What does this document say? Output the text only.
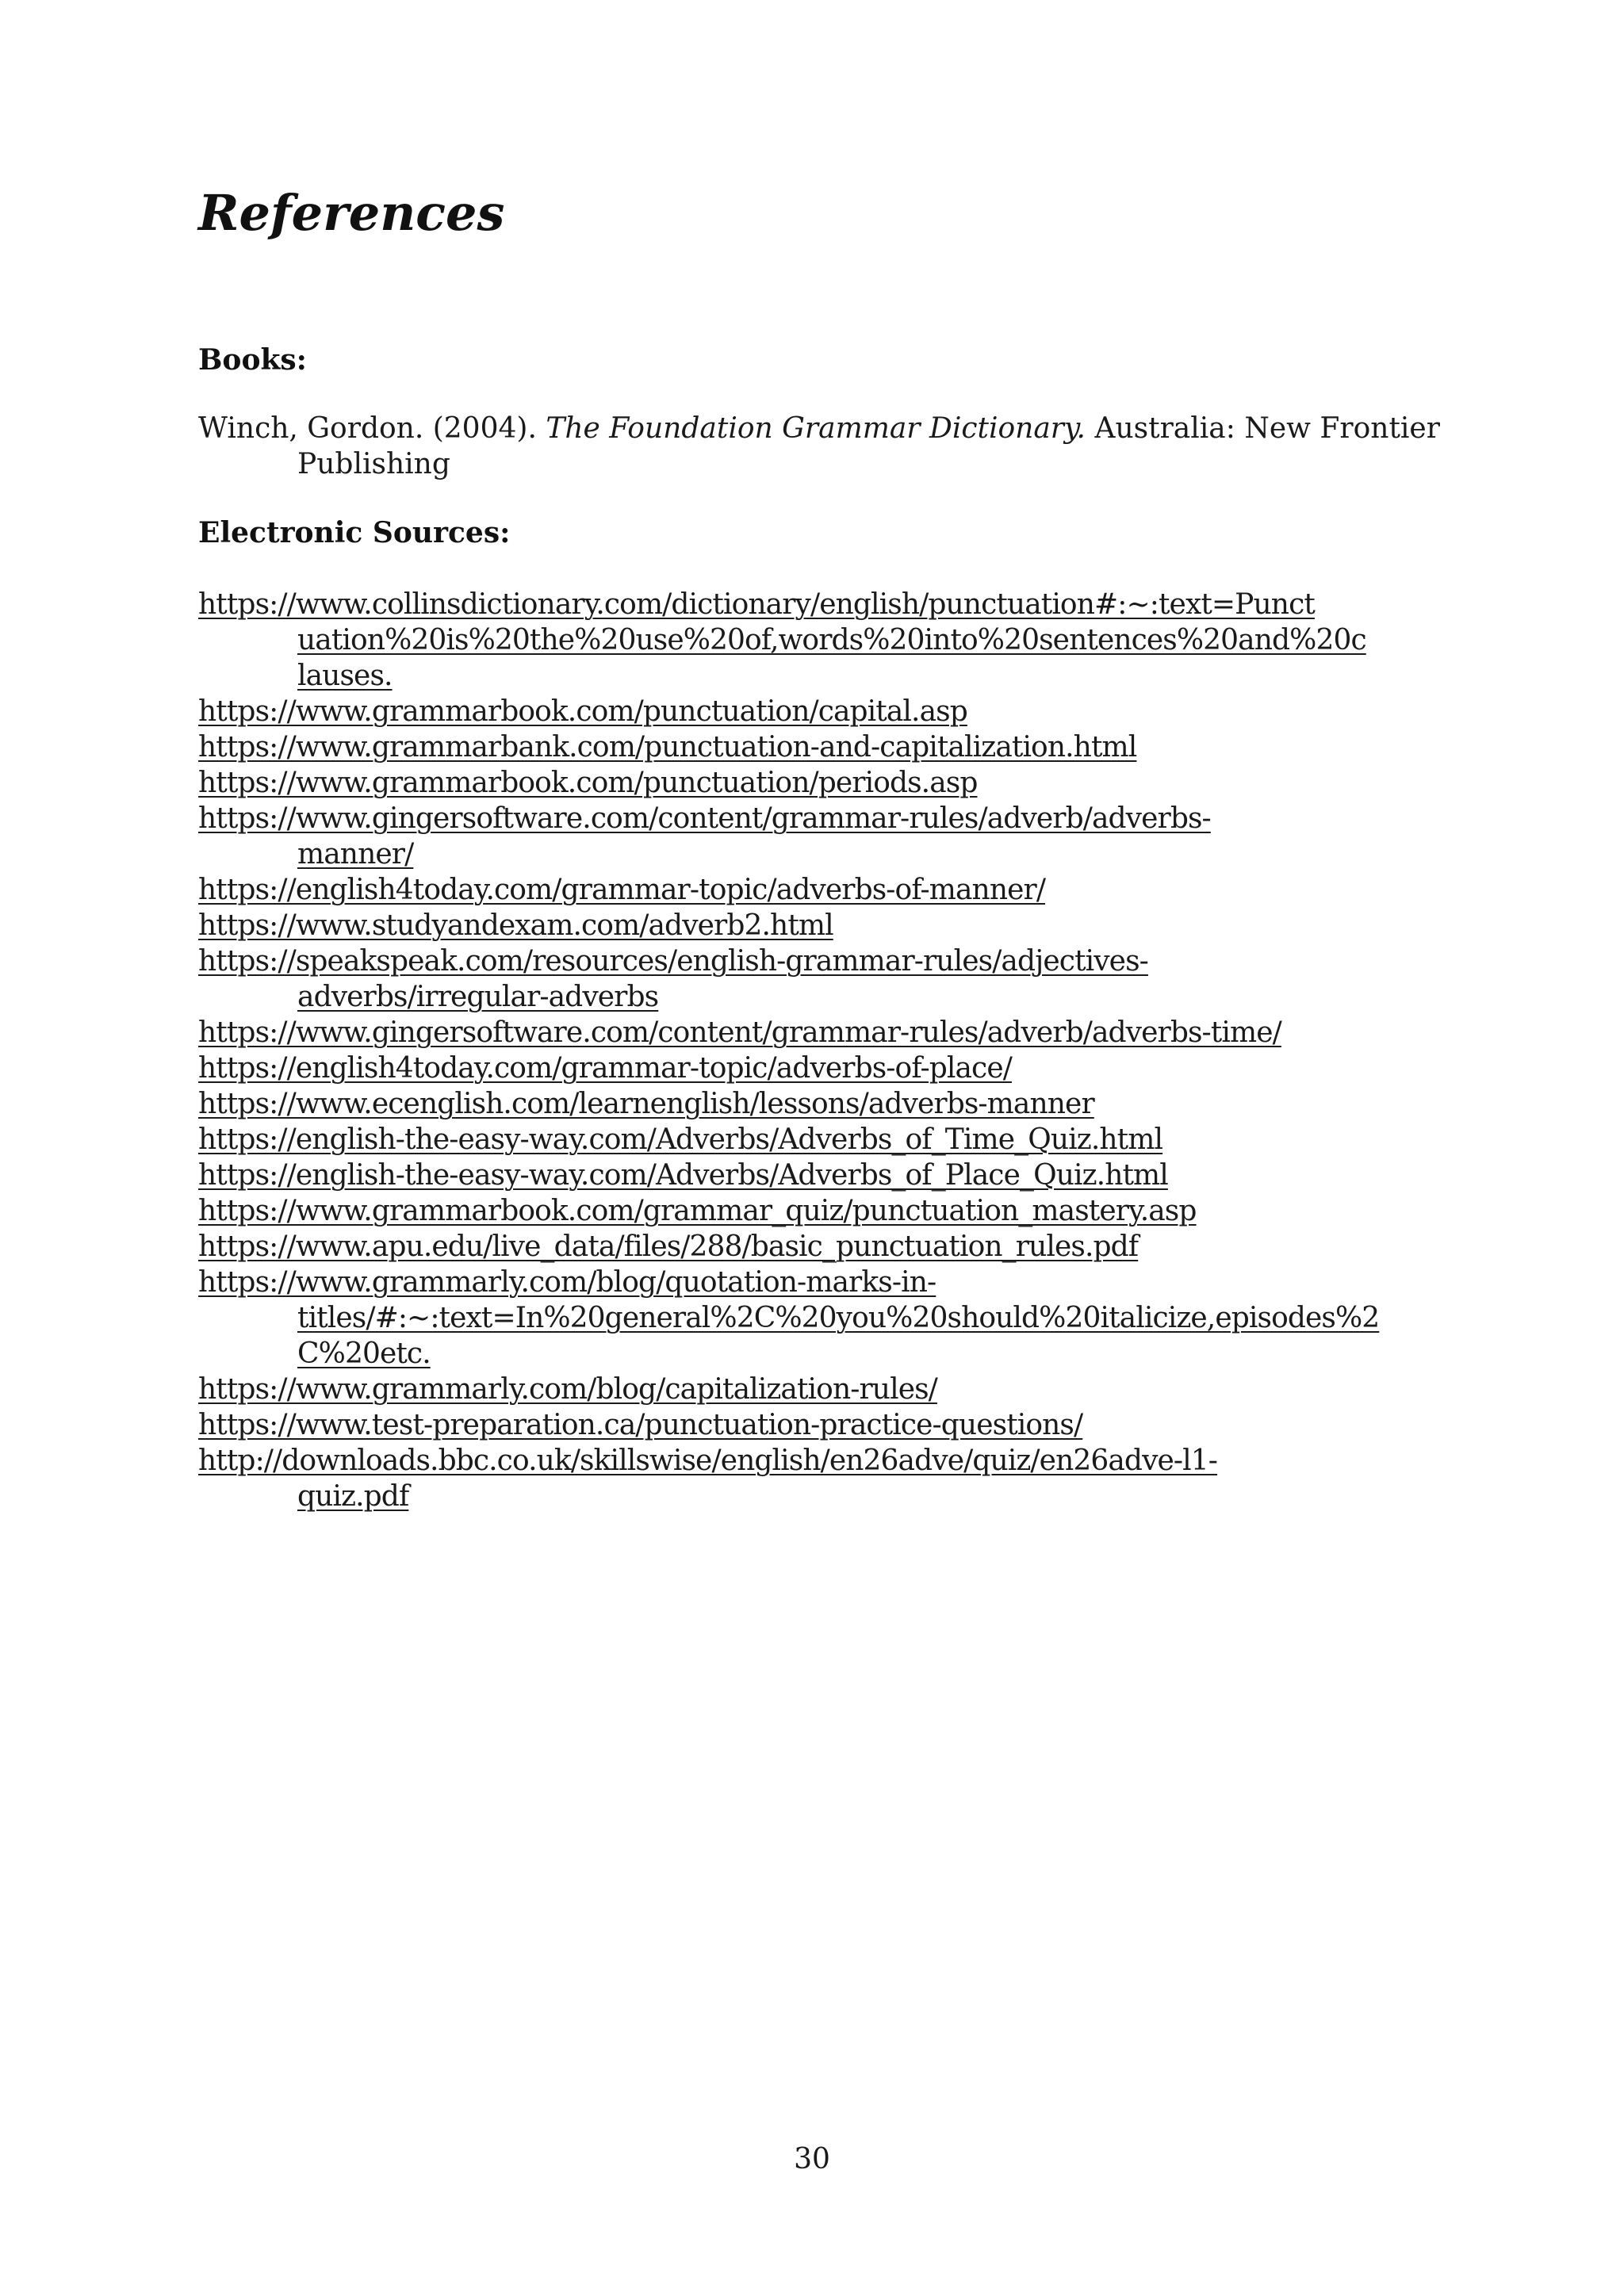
References
Books:

Winch, Gordon. (2004). The Foundation Grammar Dictionary. Australia: New Frontier
Publishing

Electronic Sources:
https://www.collinsdictionary.com/dictionary/english/punctuation#:~:text=Punct
uation%20is%20the%20use%20of,words%20into%20sentences%20and%20c
lauses.
https://www.grammarbook.com/punctuation/capital.asp
https://www.grammarbank.com/punctuation-and-capitalization.html
https://www.grammarbook.com/punctuation/periods.asp
https://www.gingersoftware.com/content/grammar-rules/adverb/adverbs-
manner/
https://english4today.com/grammar-topic/adverbs-of-manner/
https://www.studyandexam.com/adverb2.html
https://speakspeak.com/resources/english-grammar-rules/adjectives-
adverbs/irregular-adverbs
https://www.gingersoftware.com/content/grammar-rules/adverb/adverbs-time/
https://english4today.com/grammar-topic/adverbs-of-place/
https://www.ecenglish.com/learnenglish/lessons/adverbs-manner
https://english-the-easy-way.com/Adverbs/Adverbs_of_Time_Quiz.html
https://english-the-easy-way.com/Adverbs/Adverbs_of_Place_Quiz.html
https://www.grammarbook.com/grammar_quiz/punctuation_mastery.asp
https://www.apu.edu/live_data/files/288/basic_punctuation_rules.pdf
https://www.grammarly.com/blog/quotation-marks-in-
titles/#:~:text=In%20general%2C%20you%20should%20italicize,episodes%2
C%20etc.
https://www.grammarly.com/blog/capitalization-rules/
https://www.test-preparation.ca/punctuation-practice-questions/
http://downloads.bbc.co.uk/skillswise/english/en26adve/quiz/en26adve-l1-
quiz.pdf
30
